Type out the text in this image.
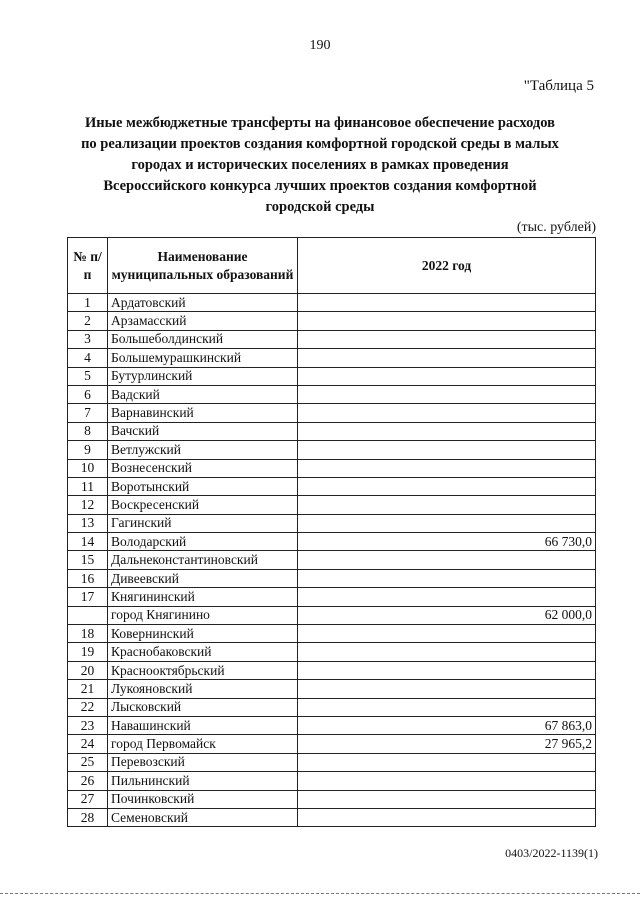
190
"Таблица 5
Иные межбюджетные трансферты на финансовое обеспечение расходов по реализации проектов создания комфортной городской среды в малых городах и исторических поселениях в рамках проведения Всероссийского конкурса лучших проектов создания комфортной городской среды
(тыс. рублей)
№ п/п	Наименование муниципальных образований	2022 год
1	Ардатовский	
2	Арзамасский	
3	Большеболдинский	
4	Большемурашкинский	
5	Бутурлинский	
6	Вадский	
7	Варнавинский	
8	Вачский	
9	Ветлужский	
10	Вознесенский	
11	Воротынский	
12	Воскресенский	
13	Гагинский	
14	Володарский	66 730,0
15	Дальнеконстантиновский	
16	Дивеевский	
17	Княгининский	
	город Княгинино	62 000,0
18	Ковернинский	
19	Краснобаковский	
20	Краснооктябрьский	
21	Лукояновский	
22	Лысковский	
23	Навашинский	67 863,0
24	город Первомайск	27 965,2
25	Перевозский	
26	Пильнинский	
27	Починковский	
28	Семеновский	
0403/2022-1139(1)
